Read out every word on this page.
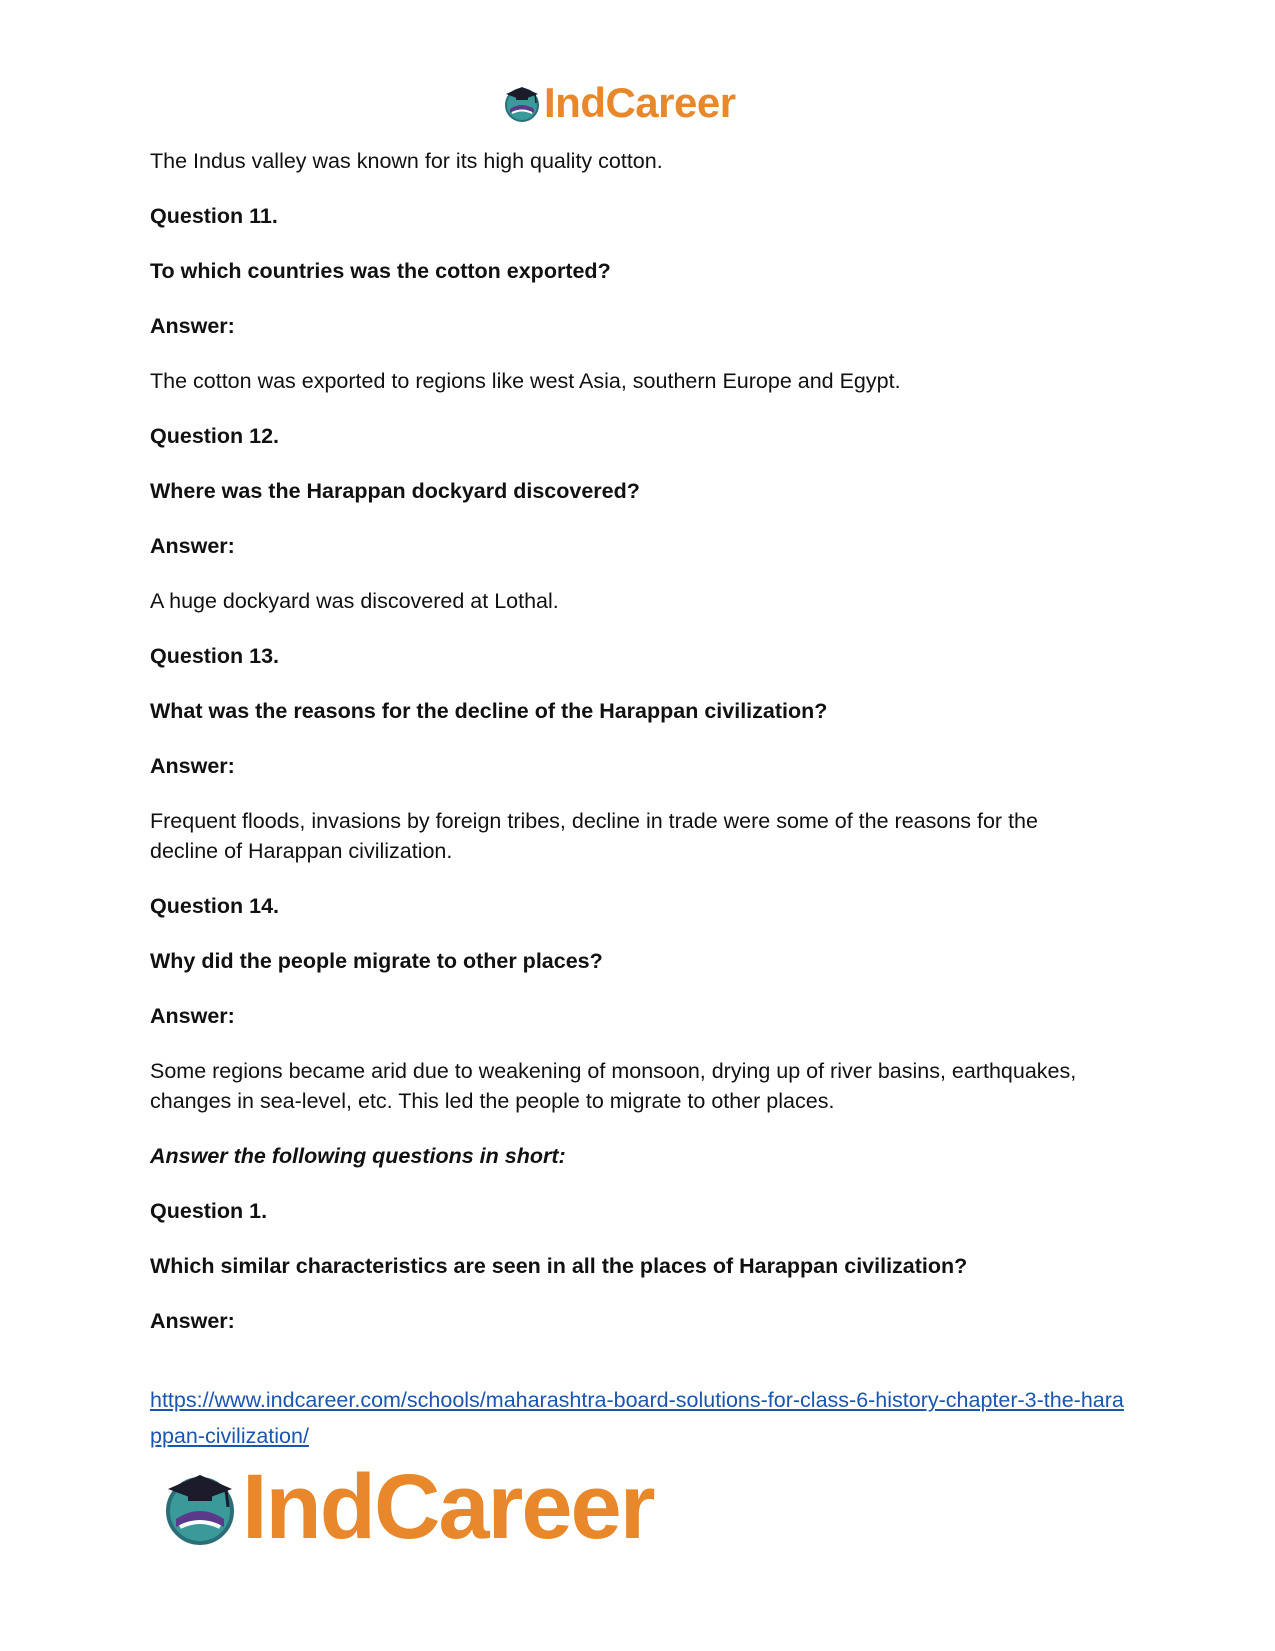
IndCareer

The Indus valley was known for its high quality cotton.

Question 11.

To which countries was the cotton exported?

Answer:

The cotton was exported to regions like west Asia, southern Europe and Egypt.

Question 12.

Where was the Harappan dockyard discovered?

Answer:

A huge dockyard was discovered at Lothal.

Question 13.

What was the reasons for the decline of the Harappan civilization?

Answer:

Frequent floods, invasions by foreign tribes, decline in trade were some of the reasons for the decline of Harappan civilization.

Question 14.

Why did the people migrate to other places?

Answer:

Some regions became arid due to weakening of monsoon, drying up of river basins, earthquakes, changes in sea-level, etc. This led the people to migrate to other places.

Answer the following questions in short:

Question 1.

Which similar characteristics are seen in all the places of Harappan civilization?

Answer:

https://www.indcareer.com/schools/maharashtra-board-solutions-for-class-6-history-chapter-3-the-harappan-civilization/
IndCareer
